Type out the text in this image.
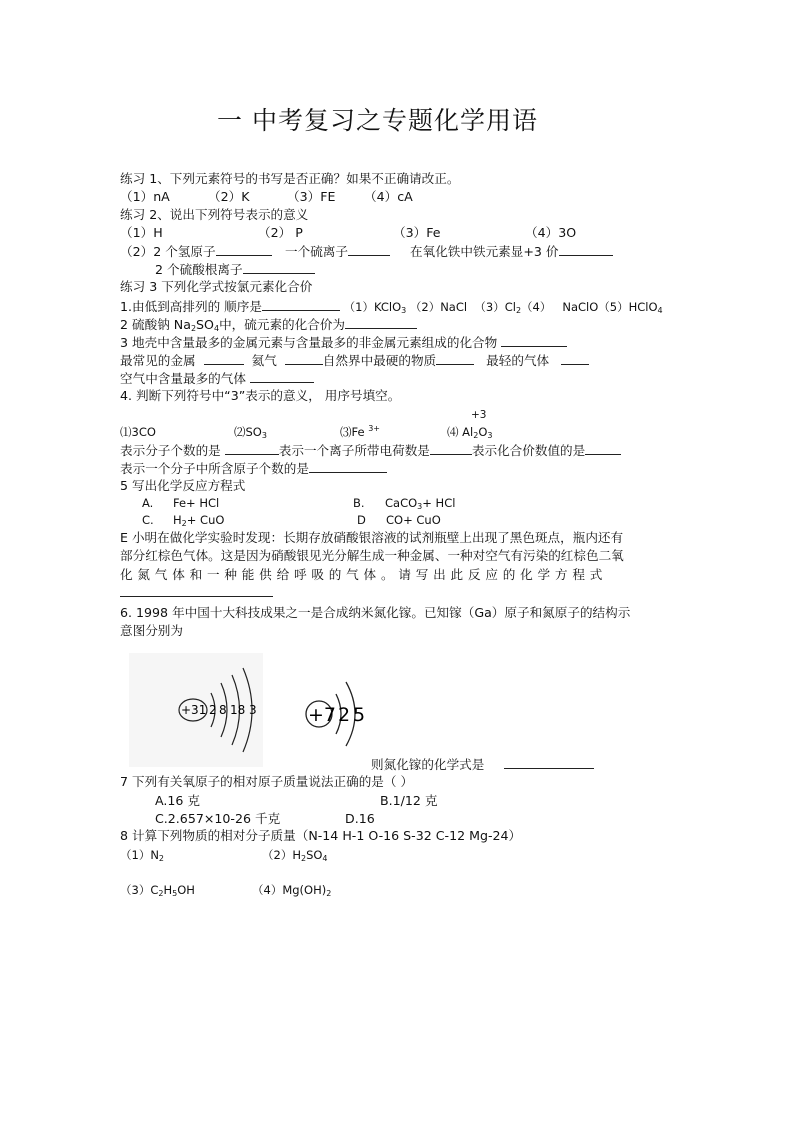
一 中考复习之专题化学用语
练习 1、下列元素符号的书写是否正确？如果不正确请改正。
（1）nA	（2）K	（3）FE （4）cA
练习 2、说出下列符号表示的意义
（1）H	（2） P	（3）Fe	（4）3O
（2）2 个氢原子	一个硫离子	在氧化铁中铁元素显+3 价
2 个硫酸根离子
练习 3 下列化学式按氯元素化合价
1.由低到高排列的 顺序是	（1）KClO$_3$ （2）NaCl $(3)Cl_2(4)$ NaClO（5）HClO$_4$
2 硫酸钠 $Na_2SO_4$中，硫元素的化合价为
3 地壳中含量最多的金属元素与含量最多的非金属元素组成的化合物
最常见的金属	氦气	自然界中最硬的物质	最轻的气体
空气中含量最多的气体
4. 判断下列符号中“3”表示的意义， 用序号填空。
+3
⑴3CO	$⑵SO_3$	⑶Fe $^{3+}$	⑷ $Al_2O_3$
表示分子个数的是	表示一个离子所带电荷数是	表示化合价数值的是
表示一个分子中所含原子个数的是
5 写出化学反应方程式
A. Fe+ HCl	B. CaCO$_3$+ HCl
C. $H_2+$ CuO	D CO+ CuO
E 小明在做化学实验时发现：长期存放硝酸银溶液的试剂瓶壁上出现了黑色斑点，瓶内还有
部分红棕色气体。这是因为硝酸银见光分解生成一种金属、一种对空气有污染的红棕色二氧
化 氮 气 体 和 一 种 能 供 给 呼 吸 的 气 体 。 请 写 出 此 反 应 的 化 学 方 程 式
6. 1998 年中国十大科技成果之一是合成纳米氮化镓。已知镓（Ga）原子和氮原子的结构示
意图分别为
+31 2 8 18 3	+7 2 5
则氮化镓的化学式是
7 下列有关氧原子的相对原子质量说法正确的是（ ）
A.16 克	B.1/12 克
C.2.657×10-26 千克	D.16
8 计算下列物质的相对分子质量（N-14 H-1 O-16 S-32 C-12 Mg-24）
$(1)N_2$	$(2)H_2SO_4$
$(3)C_2H_5OH$	$(4)Mg(OH)_2$
